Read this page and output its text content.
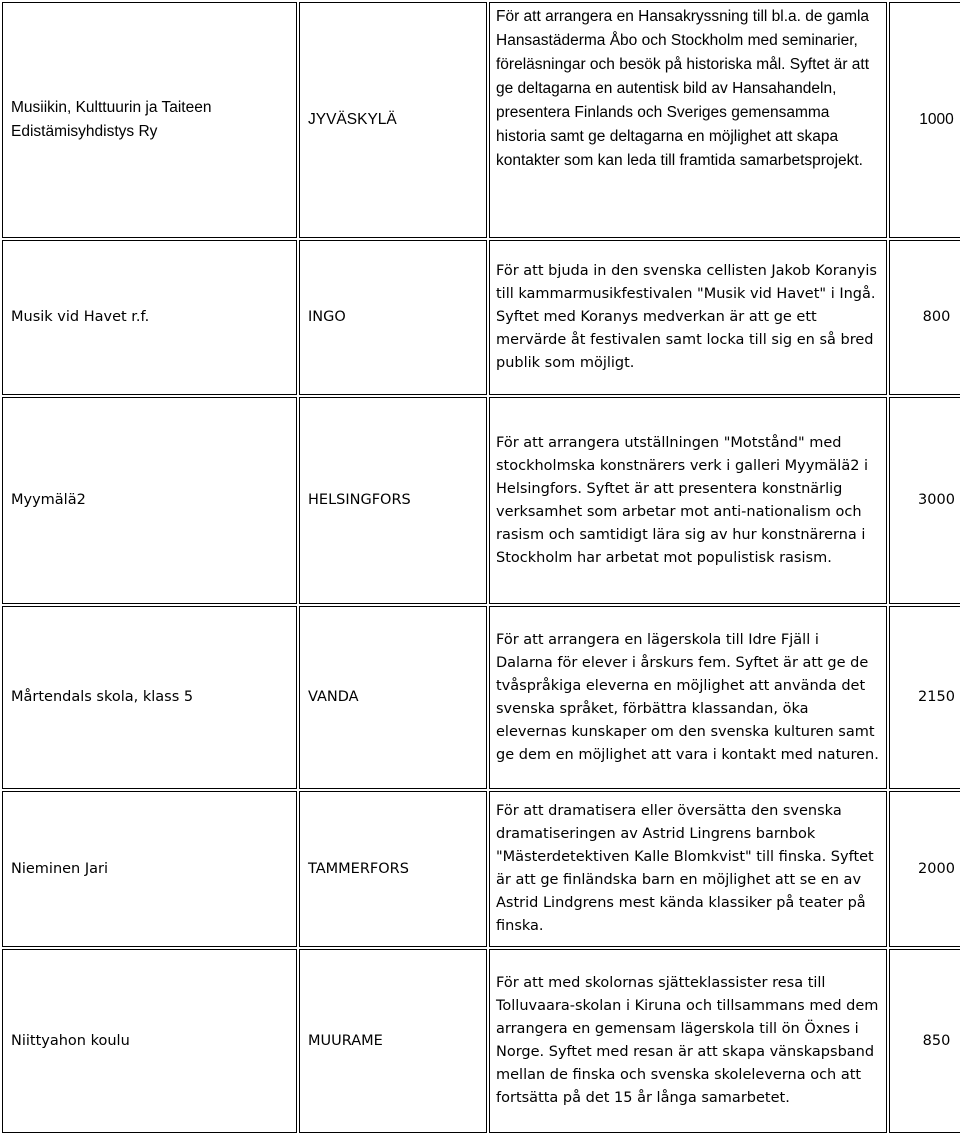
Musiikin, Kulttuurin ja Taiteen Edistämisyhdistys Ry	JYVÄSKYLÄ	För att arrangera en Hansakryssning till bl.a. de gamla Hansastäderma Åbo och Stockholm med seminarier, föreläsningar och besök på historiska mål. Syftet är att ge deltagarna en autentisk bild av Hansahandeln, presentera Finlands och Sveriges gemensamma historia samt ge deltagarna en möjlighet att skapa kontakter som kan leda till framtida samarbetsprojekt.	1000
Musik vid Havet r.f.	INGO	För att bjuda in den svenska cellisten Jakob Koranyis till kammarmusikfestivalen "Musik vid Havet" i Ingå. Syftet med Koranys medverkan är att ge ett mervärde åt festivalen samt locka till sig en så bred publik som möjligt.	800
Myymälä2	HELSINGFORS	För att arrangera utställningen "Motstånd" med stockholmska konstnärers verk i galleri Myymälä2 i Helsingfors. Syftet är att presentera konstnärlig verksamhet som arbetar mot anti-nationalism och rasism och samtidigt lära sig av hur konstnärerna i Stockholm har arbetat mot populistisk rasism.	3000
Mårtendals skola, klass 5	VANDA	För att arrangera en lägerskola till Idre Fjäll i Dalarna för elever i årskurs fem. Syftet är att ge de tvåspråkiga eleverna en möjlighet att använda det svenska språket, förbättra klassandan, öka elevernas kunskaper om den svenska kulturen samt ge dem en möjlighet att vara i kontakt med naturen.	2150
Nieminen Jari	TAMMERFORS	För att dramatisera eller översätta den svenska dramatiseringen av Astrid Lingrens barnbok "Mästerdetektiven Kalle Blomkvist" till finska. Syftet är att ge finländska barn en möjlighet att se en av Astrid Lindgrens mest kända klassiker på teater på finska.	2000
Niittyahon koulu	MUURAME	För att med skolornas sjätteklassister resa till Tolluvaara-skolan i Kiruna och tillsammans med dem arrangera en gemensam lägerskola till ön Öxnes i Norge. Syftet med resan är att skapa vänskapsband mellan de finska och svenska skoleleverna och att fortsätta på det 15 år långa samarbetet.	850
